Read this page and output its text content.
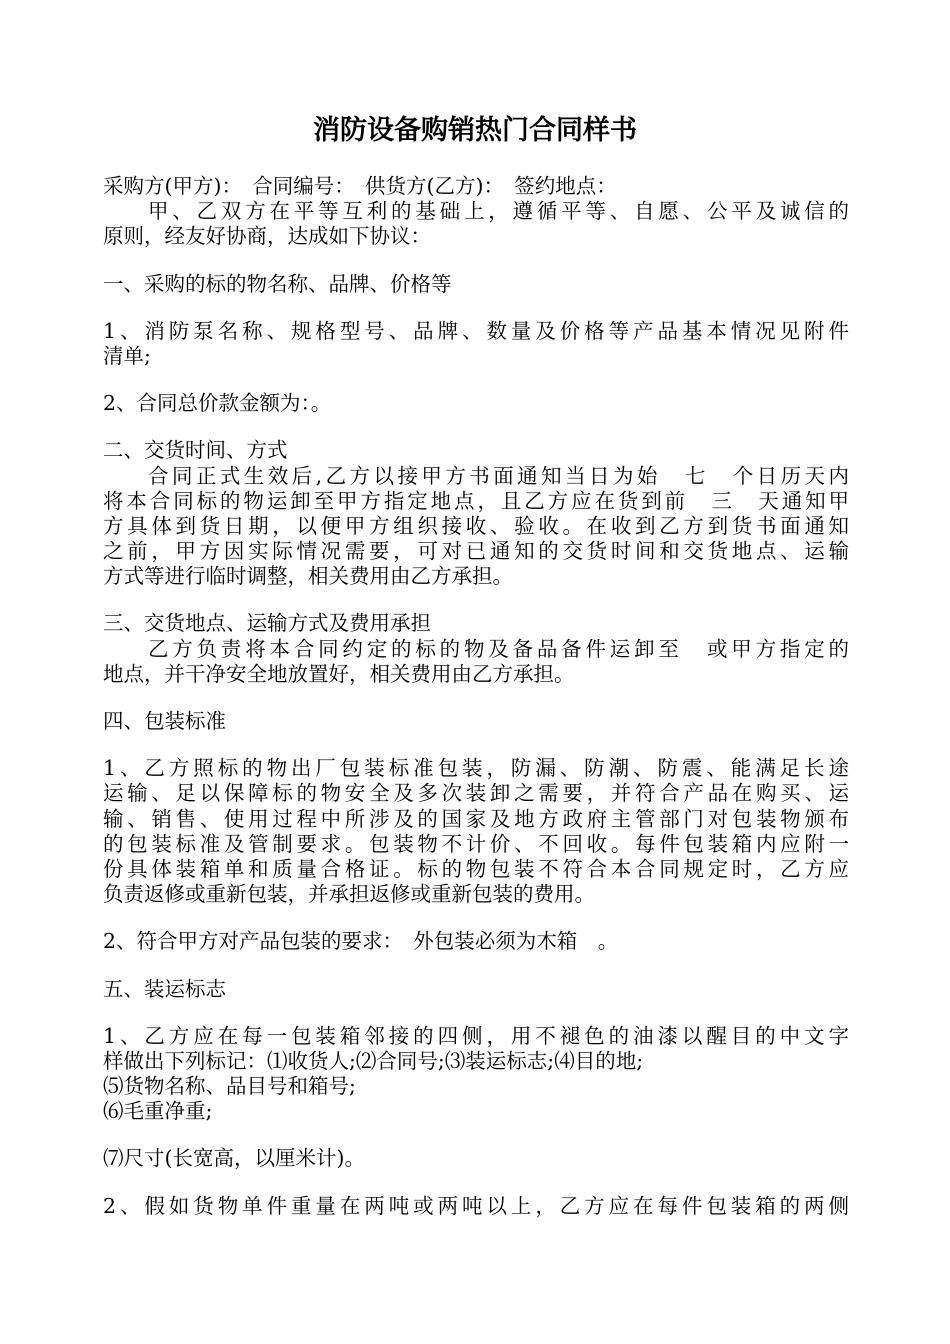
消防设备购销热门合同样书
采购方(甲方)：　合同编号：　供货方(乙方)：　签约地点：
甲、乙双方在平等互利的基础上，遵循平等、自愿、公平及诚信的
原则，经友好协商，达成如下协议：
一、采购的标的物名称、品牌、价格等
1、消防泵名称、规格型号、品牌、数量及价格等产品基本情况见附件
清单;
2、合同总价款金额为：。
二、交货时间、方式
合同正式生效后,乙方以接甲方书面通知当日为始　七　个日历天内
将本合同标的物运卸至甲方指定地点，且乙方应在货到前　三　天通知甲
方具体到货日期，以便甲方组织接收、验收。在收到乙方到货书面通知
之前，甲方因实际情况需要，可对已通知的交货时间和交货地点、运输
方式等进行临时调整，相关费用由乙方承担。
三、交货地点、运输方式及费用承担
乙方负责将本合同约定的标的物及备品备件运卸至　或甲方指定的
地点，并干净安全地放置好，相关费用由乙方承担。
四、包装标准
1、乙方照标的物出厂包装标准包装，防漏、防潮、防震、能满足长途
运输、足以保障标的物安全及多次装卸之需要，并符合产品在购买、运
输、销售、使用过程中所涉及的国家及地方政府主管部门对包装物颁布
的包装标准及管制要求。包装物不计价、不回收。每件包装箱内应附一
份具体装箱单和质量合格证。标的物包装不符合本合同规定时，乙方应
负责返修或重新包装，并承担返修或重新包装的费用。
2、符合甲方对产品包装的要求：　外包装必须为木箱　。
五、装运标志
1、乙方应在每一包装箱邻接的四侧，用不褪色的油漆以醒目的中文字
样做出下列标记：⑴收货人;⑵合同号;⑶装运标志;⑷目的地;
⑸货物名称、品目号和箱号;
⑹毛重净重;
⑺尺寸(长宽高，以厘米计)。
2、假如货物单件重量在两吨或两吨以上，乙方应在每件包装箱的两侧
